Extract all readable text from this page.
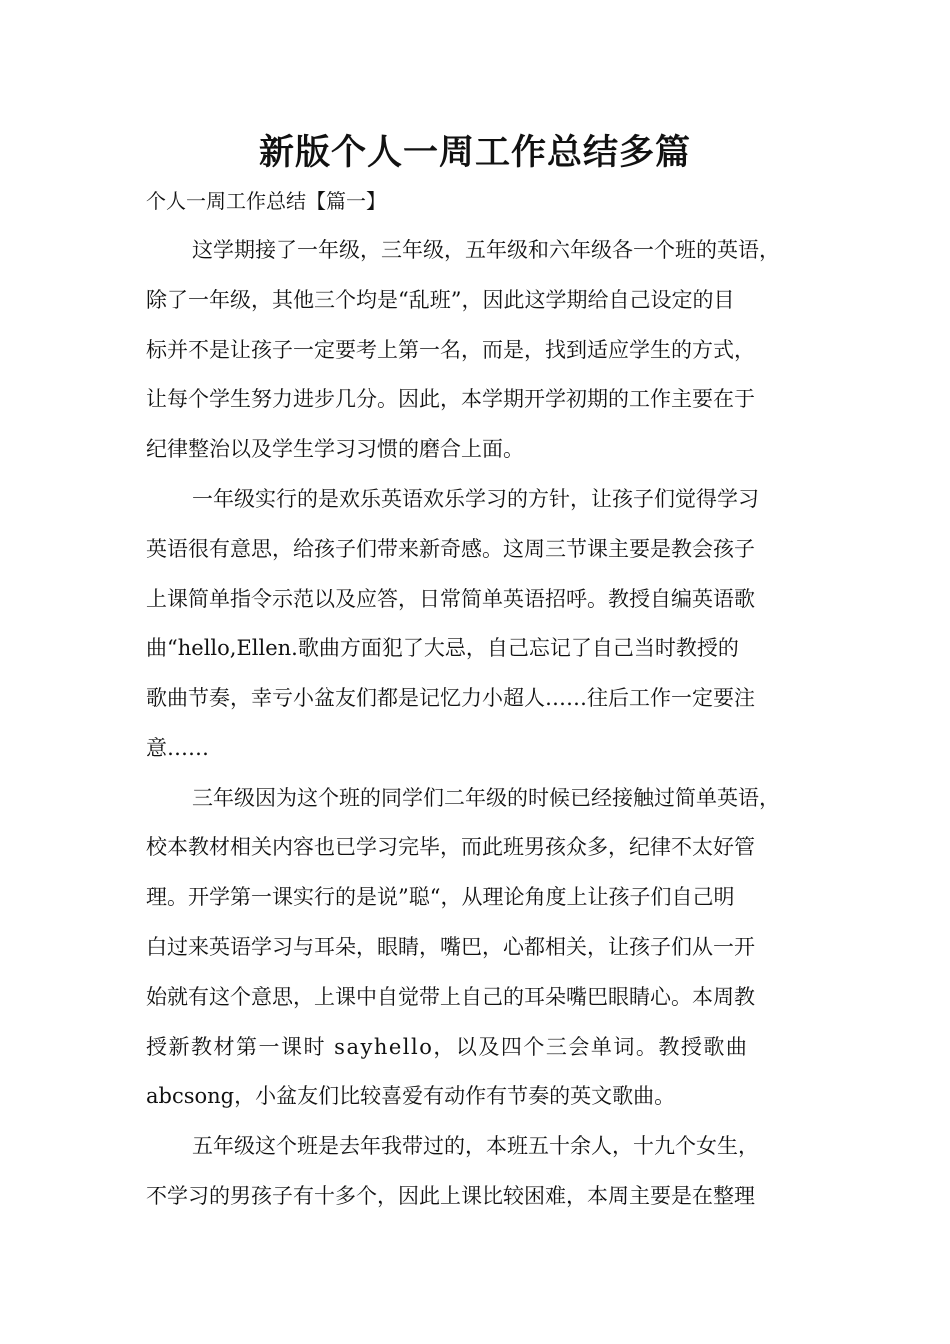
新版个人一周工作总结多篇

个人一周工作总结【篇一】

这学期接了一年级，三年级，五年级和六年级各一个班的英语，

除了一年级，其他三个均是“乱班”，因此这学期给自己设定的目

标并不是让孩子一定要考上第一名，而是，找到适应学生的方式，

让每个学生努力进步几分。因此，本学期开学初期的工作主要在于

纪律整治以及学生学习习惯的磨合上面。

一年级实行的是欢乐英语欢乐学习的方针，让孩子们觉得学习

英语很有意思，给孩子们带来新奇感。这周三节课主要是教会孩子

上课简单指令示范以及应答，日常简单英语招呼。教授自编英语歌

曲“hello,Ellen.歌曲方面犯了大忌，自己忘记了自己当时教授的

歌曲节奏，幸亏小盆友们都是记忆力小超人……往后工作一定要注

意……

三年级因为这个班的同学们二年级的时候已经接触过简单英语，

校本教材相关内容也已学习完毕，而此班男孩众多，纪律不太好管

理。开学第一课实行的是说”聪“，从理论角度上让孩子们自己明

白过来英语学习与耳朵，眼睛，嘴巴，心都相关，让孩子们从一开

始就有这个意思，上课中自觉带上自己的耳朵嘴巴眼睛心。本周教

授新教材第一课时 sayhello，以及四个三会单词。教授歌曲

abcsong，小盆友们比较喜爱有动作有节奏的英文歌曲。

五年级这个班是去年我带过的，本班五十余人，十九个女生，

不学习的男孩子有十多个，因此上课比较困难，本周主要是在整理
